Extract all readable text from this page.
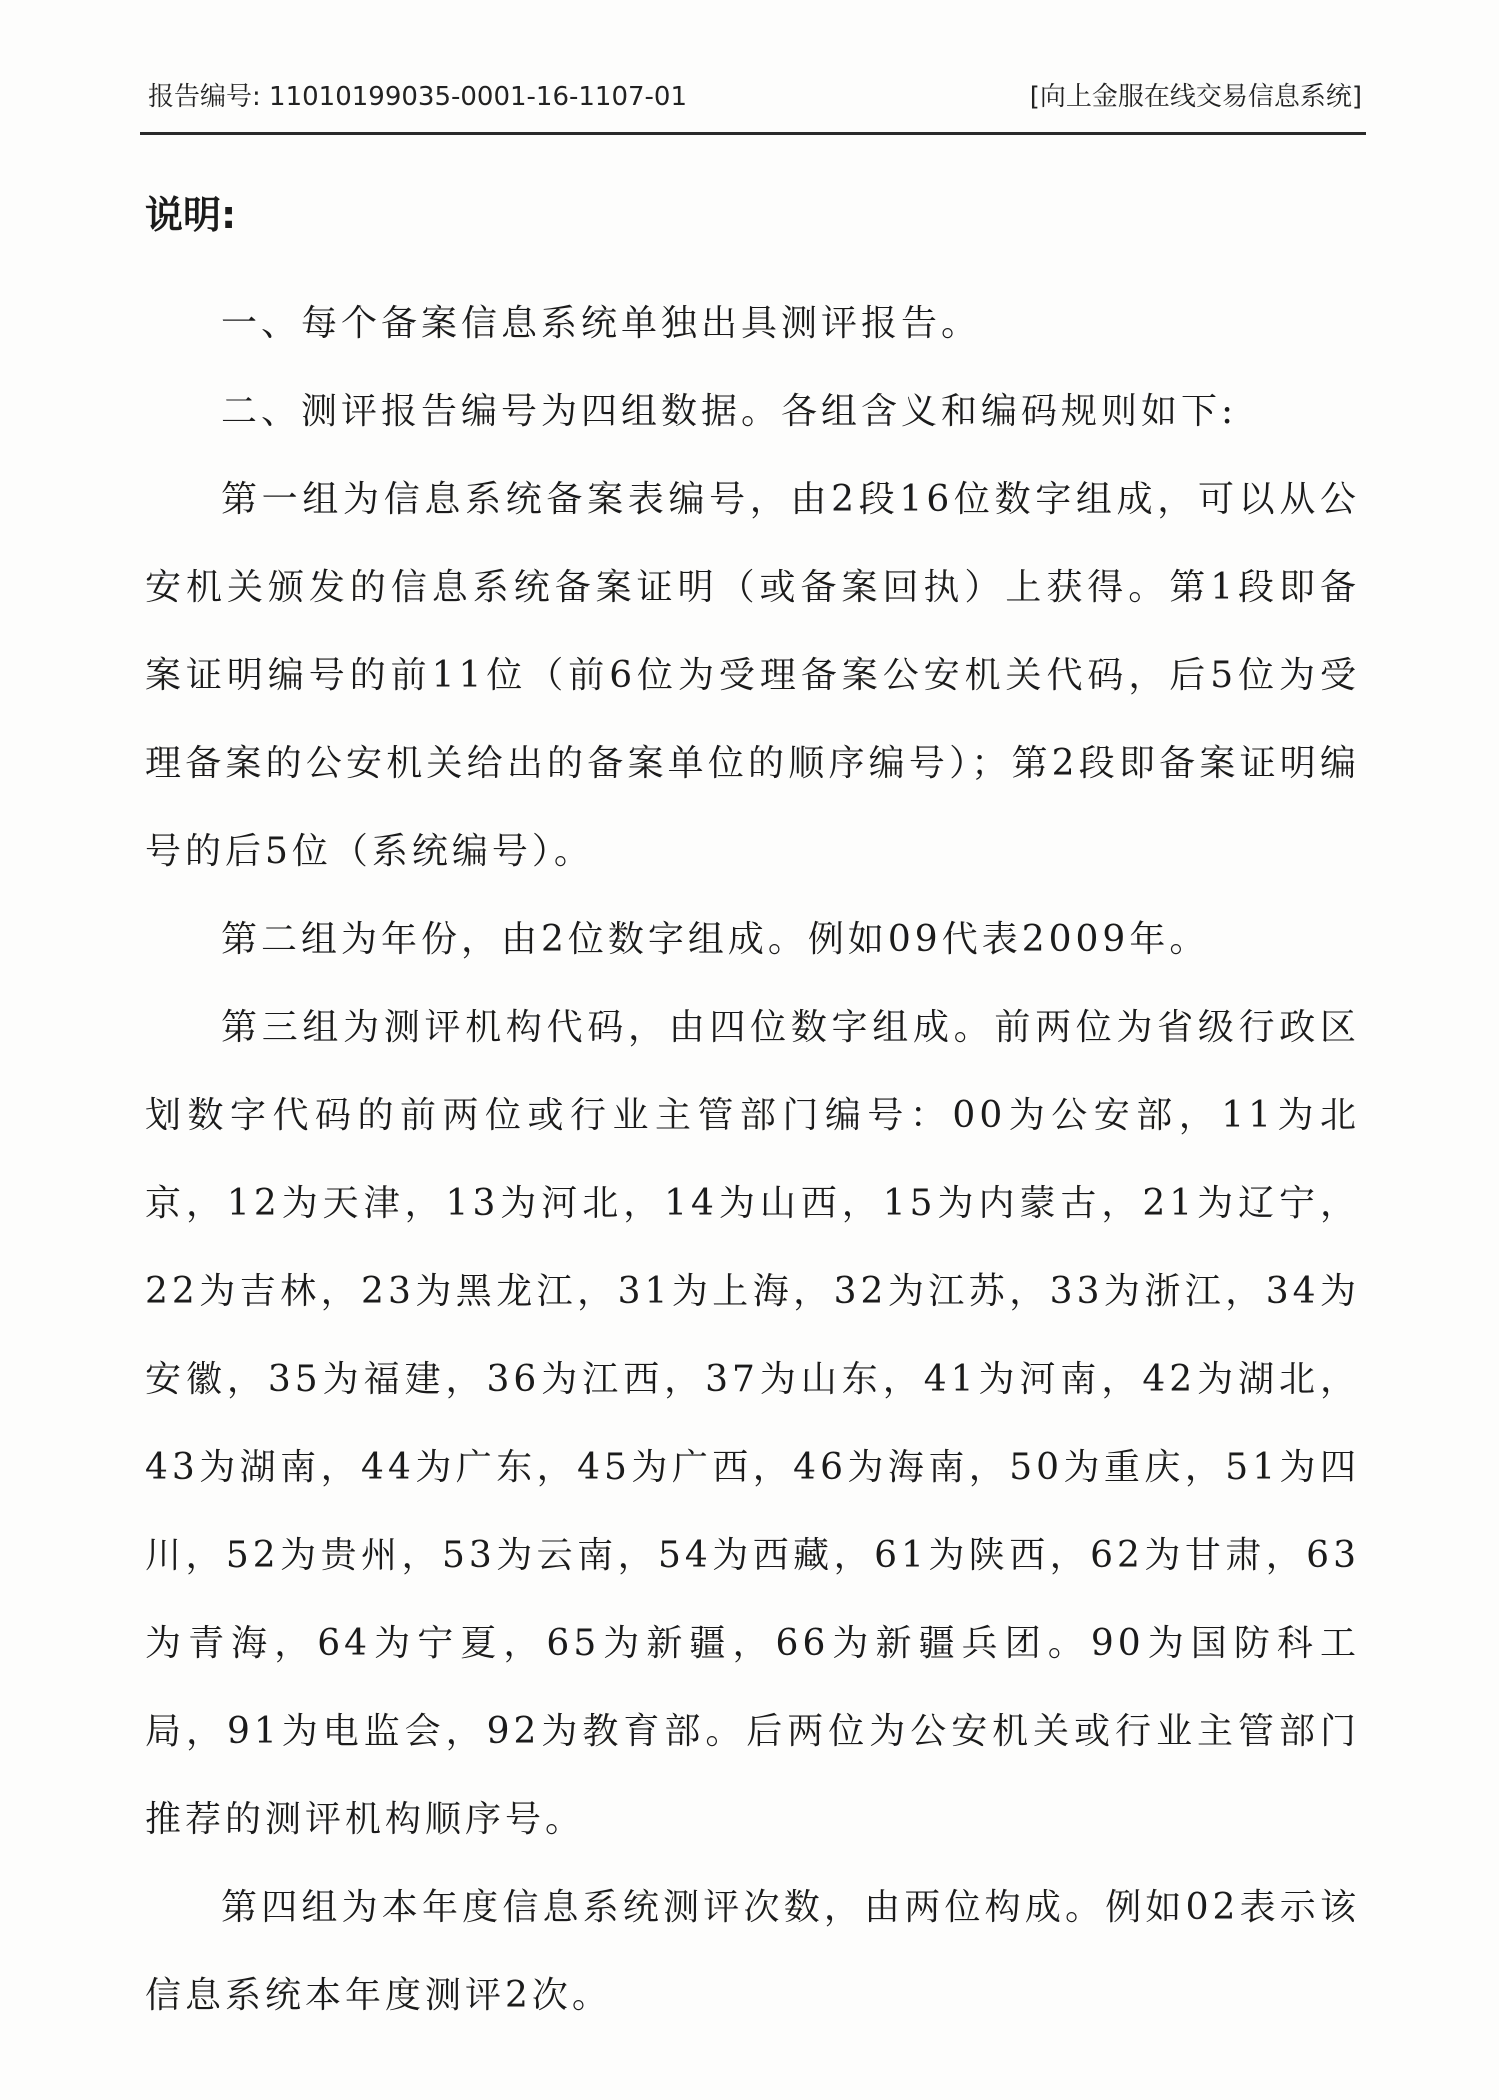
报告编号: 11010199035-0001-16-1107-01	[向上金服在线交易信息系统]
说明:

一、每个备案信息系统单独出具测评报告。

二、测评报告编号为四组数据。各组含义和编码规则如下:

第一组为信息系统备案表编号，由2段16位数字组成，可以从公安机关颁发的信息系统备案证明（或备案回执）上获得。第1段即备案证明编号的前11位（前6位为受理备案公安机关代码，后5位为受理备案的公安机关给出的备案单位的顺序编号）；第2段即备案证明编号的后5位（系统编号）。

第二组为年份，由2位数字组成。例如09代表2009年。

第三组为测评机构代码，由四位数字组成。前两位为省级行政区划数字代码的前两位或行业主管部门编号：00为公安部，11为北京，12为天津，13为河北，14为山西，15为内蒙古，21为辽宁，22为吉林，23为黑龙江，31为上海，32为江苏，33为浙江，34为安徽，35为福建，36为江西，37为山东，41为河南，42为湖北，43为湖南，44为广东，45为广西，46为海南，50为重庆，51为四川，52为贵州，53为云南，54为西藏，61为陕西，62为甘肃，63为青海，64为宁夏，65为新疆，66为新疆兵团。90为国防科工局，91为电监会，92为教育部。后两位为公安机关或行业主管部门推荐的测评机构顺序号。

第四组为本年度信息系统测评次数，由两位构成。例如02表示该信息系统本年度测评2次。
